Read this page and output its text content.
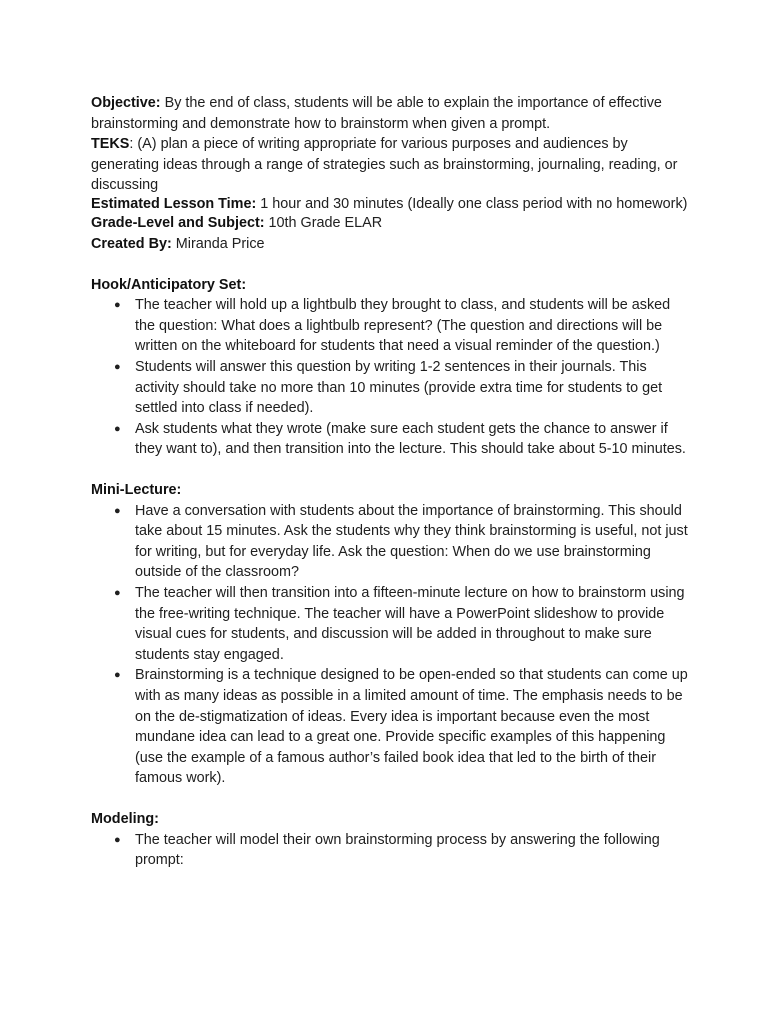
Objective: By the end of class, students will be able to explain the importance of effective brainstorming and demonstrate how to brainstorm when given a prompt.

TEKS: (A) plan a piece of writing appropriate for various purposes and audiences by generating ideas through a range of strategies such as brainstorming, journaling, reading, or discussing

Estimated Lesson Time: 1 hour and 30 minutes (Ideally one class period with no homework)

Grade-Level and Subject: 10th Grade ELAR

Created By: Miranda Price

Hook/Anticipatory Set:

● The teacher will hold up a lightbulb they brought to class, and students will be asked the question: What does a lightbulb represent? (The question and directions will be written on the whiteboard for students that need a visual reminder of the question.)
● Students will answer this question by writing 1-2 sentences in their journals. This activity should take no more than 10 minutes (provide extra time for students to get settled into class if needed).
● Ask students what they wrote (make sure each student gets the chance to answer if they want to), and then transition into the lecture. This should take about 5-10 minutes.

Mini-Lecture:

● Have a conversation with students about the importance of brainstorming. This should take about 15 minutes. Ask the students why they think brainstorming is useful, not just for writing, but for everyday life. Ask the question: When do we use brainstorming outside of the classroom?
● The teacher will then transition into a fifteen-minute lecture on how to brainstorm using the free-writing technique. The teacher will have a PowerPoint slideshow to provide visual cues for students, and discussion will be added in throughout to make sure students stay engaged.
● Brainstorming is a technique designed to be open-ended so that students can come up with as many ideas as possible in a limited amount of time. The emphasis needs to be on the de-stigmatization of ideas. Every idea is important because even the most mundane idea can lead to a great one. Provide specific examples of this happening (use the example of a famous author’s failed book idea that led to the birth of their famous work).

Modeling:

● The teacher will model their own brainstorming process by answering the following prompt:
